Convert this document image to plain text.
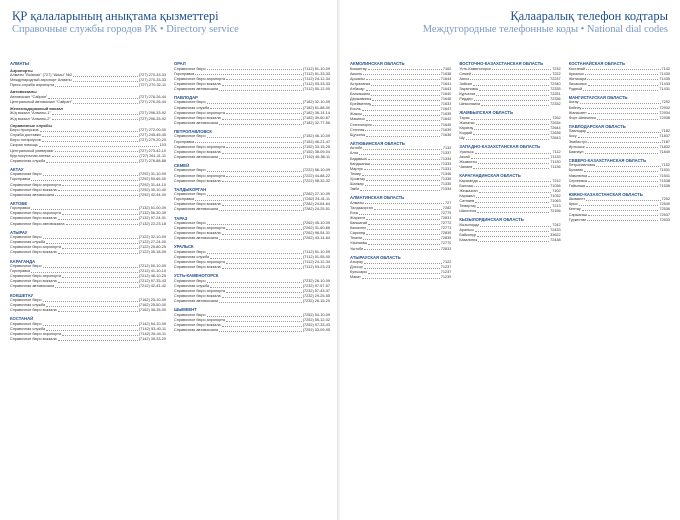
ҚР қалаларының анықтама қызметтері
Справочные службы городов РК • Directory service
АЛМАТЫ
Аэропорты
Алматы "Bulanair" (727) "Aktau" №2	(727) 270-33-33
Международный аэропорт Алматы	(727) 270-33-33
Пресс-служба аэропорта	(727) 270-32-11
Автовокзалы
Автовокзал "Сайран"	(727) 276-26-44
Центральный автовокзал "Сайран"	(727) 276-26-44
Железнодорожный вокзал
Ж/д вокзал "Алматы-1"	(727) 296-33-92
Ж/д вокзал "Алматы-2"	(727) 296-33-92
Справочные службы
Бюро пропусков	(727) 272-00-00
Служба доставки	(727) 245-45-45
Бюро нотариусов	(727) 279-20-20
Скорая помощь	103
Центральный универмаг	(727) 273-42-10
Круглосуточная аптека	(727) 261-11-11
Справочная служба	(727) 278-88-88
АКТАУ
Справочная бюро	(7292) 31-10-09
Горсправка	(7292) 50-66-00
Справочное бюро аэропорта	(7292) 31-44-10
Справочное бюро вокзала	(7292) 30-10-40
Справочная автовокзала	(7292) 42-44-00
АКТОБЕ
Горсправка	(7132) 51-00-09
Справочное бюро аэропорта	(7132) 56-30-39
Справочное бюро вокзала	(7132) 97-24-01
Справочное бюро автовокзала	(7132) 22-23-18
АТЫРАУ
Справочное бюро	(7122) 32-10-09
Справочная служба	(7122) 27-24-00
Справочное бюро аэропорта	(7122) 25-80-25
Справочное бюро вокзала	(7122) 35-18-05
КАРАГАНДА
Справочное бюро	(7212) 50-10-09
Горсправка	(7212) 41-10-10
Справочное бюро аэропорта	(7212) 48-10-25
Справочное бюро вокзала	(7212) 97-33-43
Справочная автовокзала	(7212) 42-41-42
КОКШЕТАУ
Справочное бюро	(7162) 25-10-09
Справочная служба	(7162) 25-50-00
Справочное бюро вокзала	(7162) 38-35-00
КОСТАНАЙ
Справочное бюро	(7142) 54-10-09
Справочная служба	(7142) 53-40-11
Справочное бюро аэропорта	(7142) 26-44-11
Справочное бюро вокзала	(7142) 39-33-20
ОРАЛ
Справочное бюро	(7112) 51-10-09
Горсправка	(7112) 51-33-33
Справочное бюро аэропорта	(7112) 24-12-34
Справочное бюро вокзала	(7112) 93-33-33
Справочная автовокзала	(7112) 50-12-00
ПАВЛОДАР
Справочное бюро	(7182) 32-10-09
Справочная служба	(7182) 61-88-00
Справочное бюро аэропорта	(7182) 36-14-14
Справочное бюро вокзала	(7182) 39-60-67
Справочная автовокзала	(7182) 32-77-56
ПЕТРОПАВЛОВСК
Справочное бюро	(7152) 46-10-09
Горсправка	(7152) 46-21-47
Справочное бюро аэропорта	(7152) 33-15-25
Справочное бюро вокзала	(7152) 38-09-04
Справочная автовокзала	(7152) 46-56-11
СЕМЕЙ
Справочное бюро	(7222) 56-10-09
Справочное бюро аэропорта	(7222) 44-88-22
Справочное бюро вокзала	(7222) 98-32-32
ТАЛДЫКОРГАН
Справочное бюро	(7282) 27-10-09
Горсправка	(7282) 24-41-11
Справочное бюро вокзала	(7282) 24-64-64
Справочная автовокзала	(7282) 24-25-51
ТАРАЗ
Справочное бюро	(7262) 45-10-09
Справочное бюро аэропорта	(7262) 31-60-66
Справочное бюро вокзала	(7262) 96-54-31
Справочная автовокзала	(7262) 43-14-64
УРАЛЬСК
Справочное бюро	(7112) 51-10-09
Справочная служба	(7112) 51-55-00
Справочное бюро аэропорта	(7112) 24-12-34
Справочное бюро вокзала	(7112) 93-23-23
УСТЬ-КАМЕНОГОРСК
Справочное бюро	(7232) 26-10-09
Справочная служба	(7232) 57-57-57
Справочное бюро аэропорта	(7232) 57-43-37
Справочное бюро вокзала	(7232) 29-25-55
Справочная автовокзала	(7232) 26-15-20
ШЫМКЕНТ
Справочное бюро	(7252) 54-10-09
Справочное бюро аэропорта	(7252) 55-12-02
Справочное бюро вокзала	(7252) 97-33-43
Справочная автовокзала	(7252) 33-09-95
Қалааралық телефон кодтары
Междугородные телефонные коды • National dial codes
АКМОЛИНСКАЯ ОБЛАСТЬ
Кокшетау	7162
Акколь	71638
Аршалы	71644
Астраханка	71641
Атбасар	71643
Балкашино	71640
Державинск	71648
Ерейментау	71633
Есиль	71647
Жаксы	71635
Макинск	71642
Степногорск	71645
Степняк	71639
Щучинск	71636
АКТЮБИНСКАЯ ОБЛАСТЬ
Актобе	7132
Алга	71337
Бадамша	71334
Кандыагаш	71333
Мартук	71331
Темир	71346
Хромтау	71336
Шалкар	71335
Эмба	71334
АЛМАТИНСКАЯ ОБЛАСТЬ
Алматы	727
Талдыкорган	7282
Есик	72775
Жаркент	72831
Капшагай	72772
Каскелен	72771
Сарканд	72839
Текели	72835
Узынагаш	72770
Уштобе	72833
АТЫРАУСКАЯ ОБЛАСТЬ
Атырау	7122
Доссор	71237
Кульсары	71237
Макат	71239
ВОСТОЧНО-КАЗАХСТАНСКАЯ ОБЛАСТЬ
Усть-Каменогорск	7232
Семей	7222
Аягоз	72237
Зайсан	72340
Зыряновск	72335
Курчатов	72251
Риддер	72336
Шемонаиха	72332
ЖАМБЫЛСКАЯ ОБЛАСТЬ
Тараз	7262
Жанатас	72634
Каратау	72644
Кордай	72636
Шу	72643
ЗАПАДНО-КАЗАХСТАНСКАЯ ОБЛАСТЬ
Уральск	7112
Аксай	71133
Жымпиты	71130
Чапаев	71136
КАРАГАНДИНСКАЯ ОБЛАСТЬ
Караганда	7212
Балхаш	71036
Жезказган	7102
Каражал	71032
Сатпаев	71063
Темиртау	7213
Шахтинск	72156
КЫЗЫЛОРДИНСКАЯ ОБЛАСТЬ
Кызылорда	7242
Аральск	72433
Байконур	33622
Казалинск	72438
КОСТАНАЙСКАЯ ОБЛАСТЬ
Костанай	7142
Аркалык	71430
Житикара	71435
Лисаковск	71433
Рудный	71431
МАНГИСТАУСКАЯ ОБЛАСТЬ
Актау	7292
Бейнеу	72932
Жанаозен	72934
Форт-Шевченко	72938
ПАВЛОДАРСКАЯ ОБЛАСТЬ
Павлодар	7182
Аксу	71837
Экибастуз	7187
Иртышск	71832
Баянаул	71840
СЕВЕРО-КАЗАХСТАНСКАЯ ОБЛАСТЬ
Петропавловск	7152
Булаево	71531
Мамлютка	71541
Сергеевка	71538
Тайынша	71536
ЮЖНО-КАЗАХСТАНСКАЯ ОБЛАСТЬ
Шымкент	7252
Арыс	72540
Кентау	72536
Сарыагаш	72537
Туркестан	72533
